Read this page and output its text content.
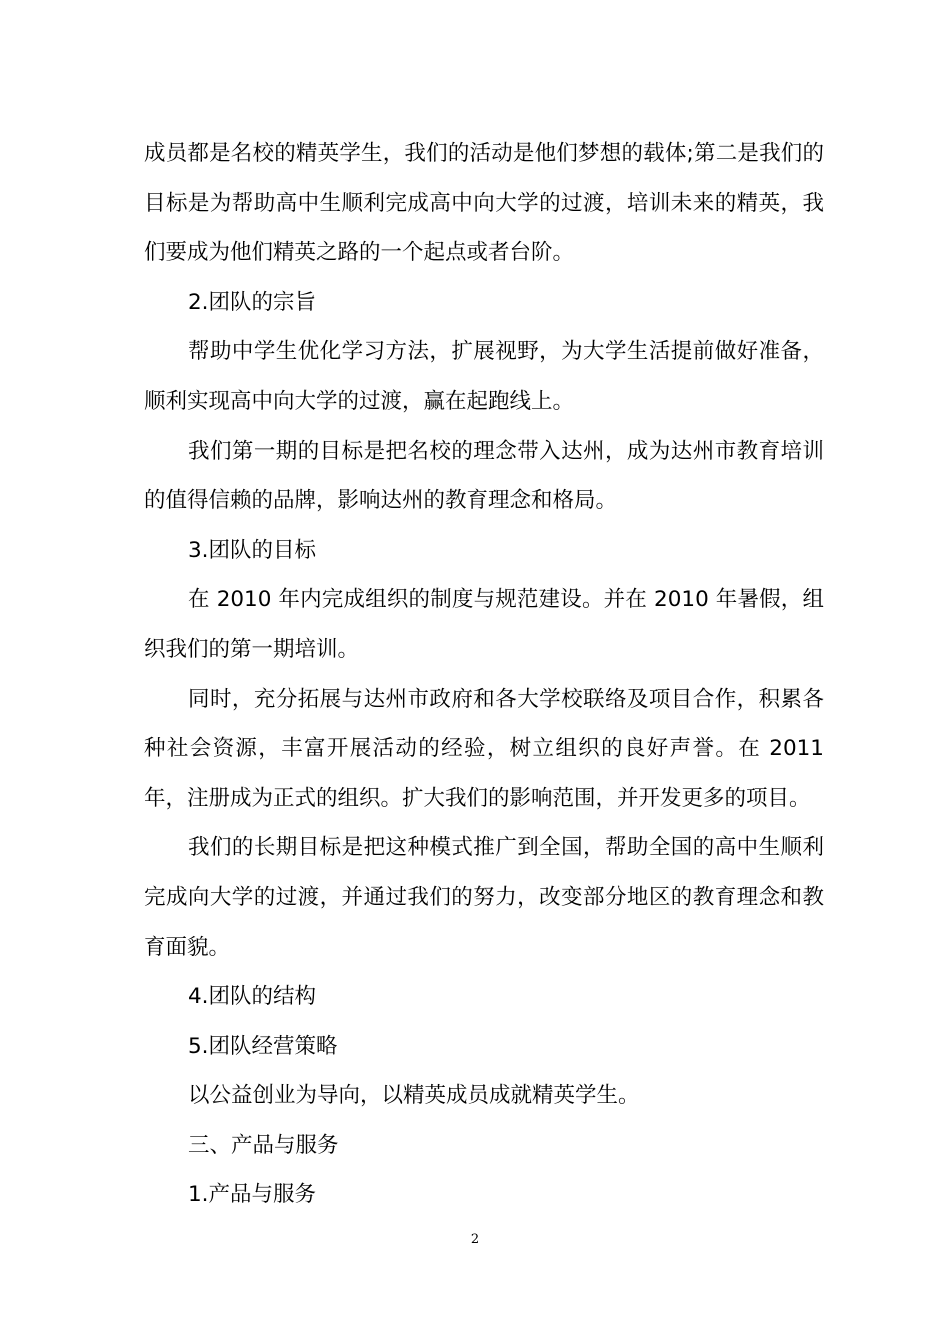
成员都是名校的精英学生，我们的活动是他们梦想的载体;第二是我们的目标是为帮助高中生顺利完成高中向大学的过渡，培训未来的精英，我们要成为他们精英之路的一个起点或者台阶。

2.团队的宗旨

帮助中学生优化学习方法，扩展视野，为大学生活提前做好准备，顺利实现高中向大学的过渡，赢在起跑线上。

我们第一期的目标是把名校的理念带入达州，成为达州市教育培训的值得信赖的品牌，影响达州的教育理念和格局。

3.团队的目标

在 2010 年内完成组织的制度与规范建设。并在 2010 年暑假，组织我们的第一期培训。

同时，充分拓展与达州市政府和各大学校联络及项目合作，积累各种社会资源，丰富开展活动的经验，树立组织的良好声誉。在 2011 年，注册成为正式的组织。扩大我们的影响范围，并开发更多的项目。

我们的长期目标是把这种模式推广到全国，帮助全国的高中生顺利完成向大学的过渡，并通过我们的努力，改变部分地区的教育理念和教育面貌。

4.团队的结构

5.团队经营策略

以公益创业为导向，以精英成员成就精英学生。

三、产品与服务

1.产品与服务

2
